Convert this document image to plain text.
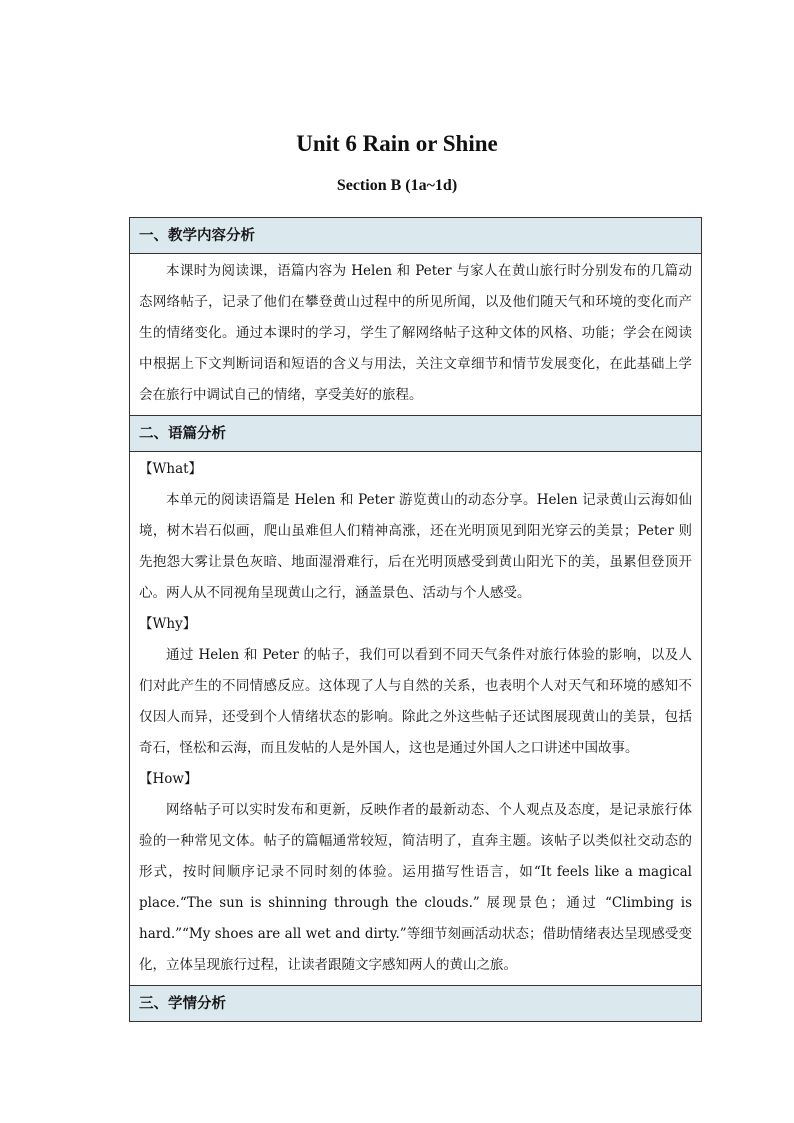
Unit 6 Rain or Shine
Section B (1a~1d)
一、教学内容分析

本课时为阅读课，语篇内容为 Helen 和 Peter 与家人在黄山旅行时分别发布的几篇动态网络帖子，记录了他们在攀登黄山过程中的所见所闻，以及他们随天气和环境的变化而产生的情绪变化。通过本课时的学习，学生了解网络帖子这种文体的风格、功能；学会在阅读中根据上下文判断词语和短语的含义与用法，关注文章细节和情节发展变化，在此基础上学会在旅行中调试自己的情绪，享受美好的旅程。

二、语篇分析

【What】

本单元的阅读语篇是 Helen 和 Peter 游览黄山的动态分享。Helen 记录黄山云海如仙境，树木岩石似画，爬山虽难但人们精神高涨，还在光明顶见到阳光穿云的美景；Peter 则先抱怨大雾让景色灰暗、地面湿滑难行，后在光明顶感受到黄山阳光下的美，虽累但登顶开心。两人从不同视角呈现黄山之行，涵盖景色、活动与个人感受。

【Why】

通过 Helen 和 Peter 的帖子，我们可以看到不同天气条件对旅行体验的影响，以及人们对此产生的不同情感反应。这体现了人与自然的关系，也表明个人对天气和环境的感知不仅因人而异，还受到个人情绪状态的影响。除此之外这些帖子还试图展现黄山的美景，包括奇石，怪松和云海，而且发帖的人是外国人，这也是通过外国人之口讲述中国故事。

【How】

网络帖子可以实时发布和更新，反映作者的最新动态、个人观点及态度，是记录旅行体验的一种常见文体。帖子的篇幅通常较短，简洁明了，直奔主题。该帖子以类似社交动态的形式，按时间顺序记录不同时刻的体验。运用描写性语言，如“It feels like a magical place.“The sun is shinning through the clouds.” 展现景色；通过 “Climbing is hard.”“My shoes are all wet and dirty.”等细节刻画活动状态；借助情绪表达呈现感受变化，立体呈现旅行过程，让读者跟随文字感知两人的黄山之旅。

三、学情分析
